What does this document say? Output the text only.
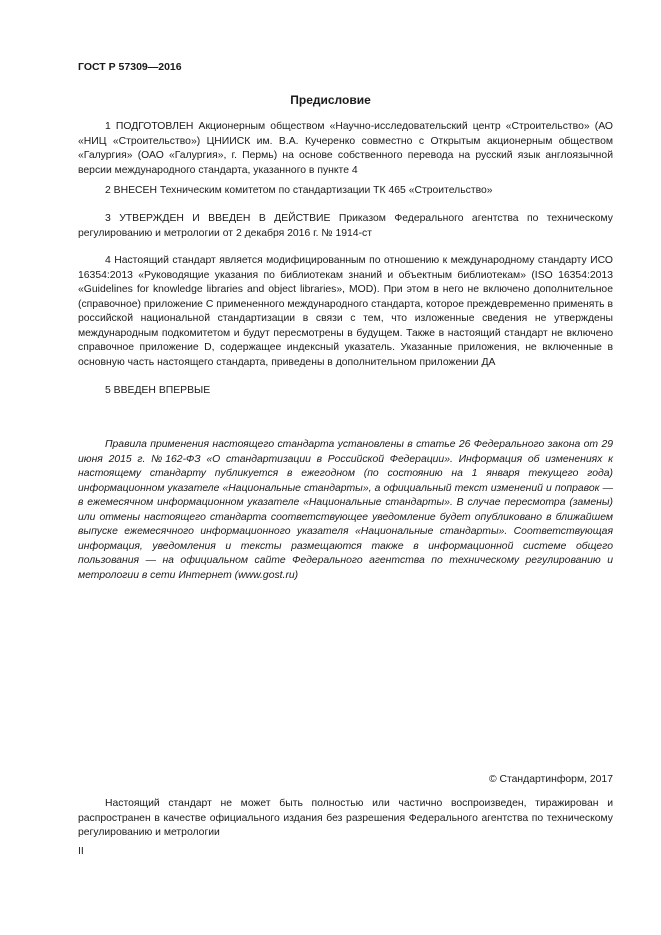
ГОСТ Р 57309—2016
Предисловие

1 ПОДГОТОВЛЕН Акционерным обществом «Научно-исследовательский центр «Строительство» (АО «НИЦ «Строительство») ЦНИИСК им. В.А. Кучеренко совместно с Открытым акционерным обществом «Галургия» (ОАО «Галургия», г. Пермь) на основе собственного перевода на русский язык англоязычной версии международного стандарта, указанного в пункте 4

2 ВНЕСЕН Техническим комитетом по стандартизации ТК 465 «Строительство»

3 УТВЕРЖДЕН И ВВЕДЕН В ДЕЙСТВИЕ Приказом Федерального агентства по техническому регулированию и метрологии от 2 декабря 2016 г. № 1914-ст

4 Настоящий стандарт является модифицированным по отношению к международному стандарту ИСО 16354:2013 «Руководящие указания по библиотекам знаний и объектным библиотекам» (ISO 16354:2013 «Guidelines for knowledge libraries and object libraries», MOD). При этом в него не включено дополнительное (справочное) приложение С примененного международного стандарта, которое преждевременно применять в российской национальной стандартизации в связи с тем, что изложенные сведения не утверждены международным подкомитетом и будут пересмотрены в будущем. Также в настоящий стандарт не включено справочное приложение D, содержащее индексный указатель. Указанные приложения, не включенные в основную часть настоящего стандарта, приведены в дополнительном приложении ДА

5 ВВЕДЕН ВПЕРВЫЕ

Правила применения настоящего стандарта установлены в статье 26 Федерального закона от 29 июня 2015 г. №162-ФЗ «О стандартизации в Российской Федерации». Информация об изменениях к настоящему стандарту публикуется в ежегодном (по состоянию на 1 января текущего года) информационном указателе «Национальные стандарты», а официальный текст изменений и поправок — в ежемесячном информационном указателе «Национальные стандарты». В случае пересмотра (замены) или отмены настоящего стандарта соответствующее уведомление будет опубликовано в ближайшем выпуске ежемесячного информационного указателя «Национальные стандарты». Соответствующая информация, уведомления и тексты размещаются также в информационной системе общего пользования — на официальном сайте Федерального агентства по техническому регулированию и метрологии в сети Интернет (www.gost.ru)

© Стандартинформ, 2017

Настоящий стандарт не может быть полностью или частично воспроизведен, тиражирован и распространен в качестве официального издания без разрешения Федерального агентства по техническому регулированию и метрологии

II
